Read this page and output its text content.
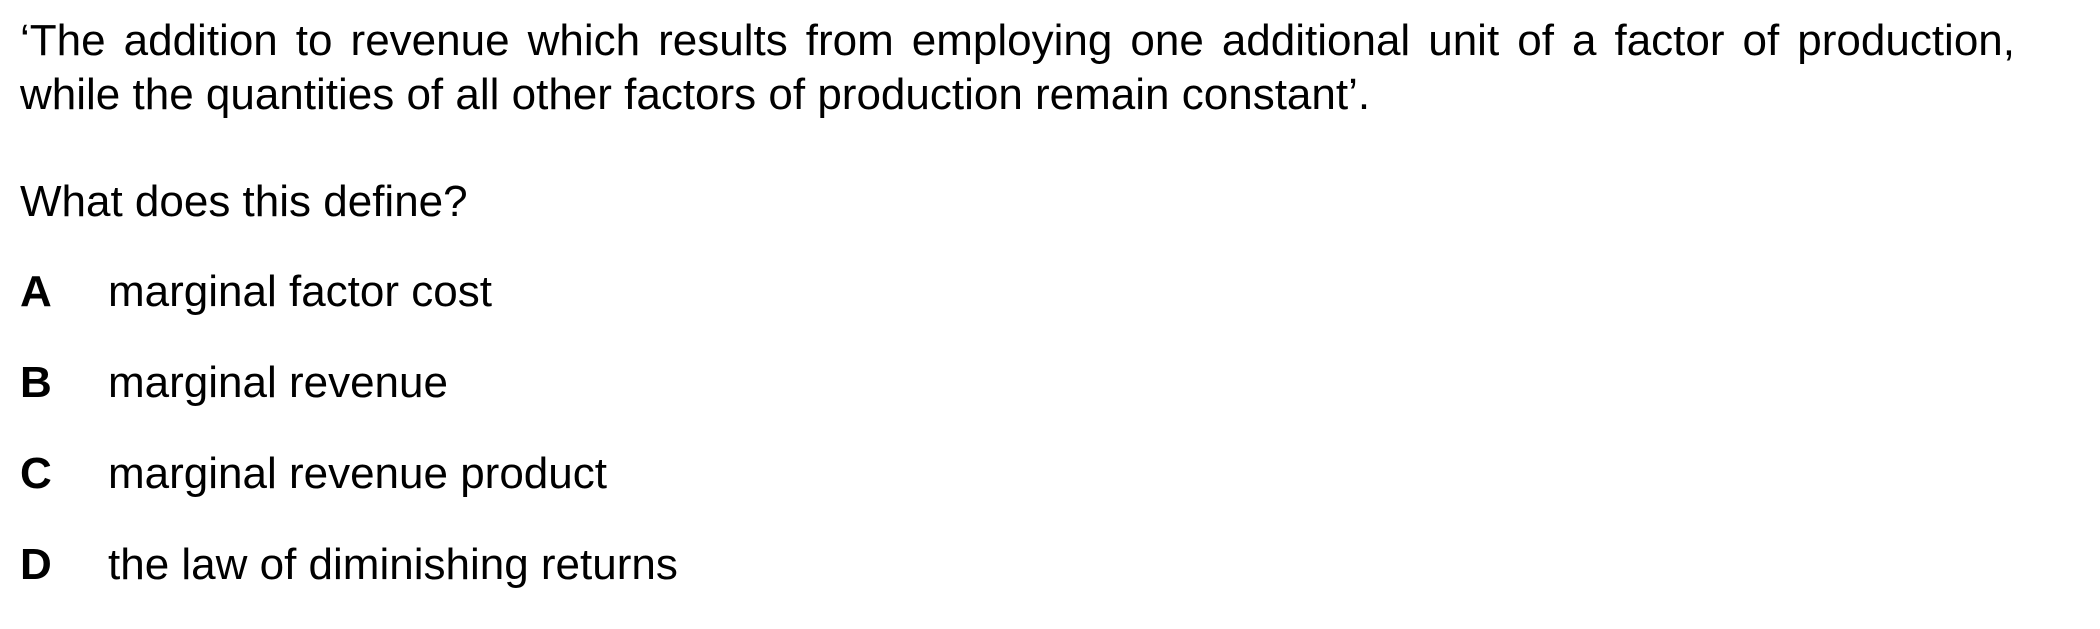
‘The addition to revenue which results from employing one additional unit of a factor of production, while the quantities of all other factors of production remain constant’.

What does this define?

A	marginal factor cost
B	marginal revenue
C	marginal revenue product
D	the law of diminishing returns
